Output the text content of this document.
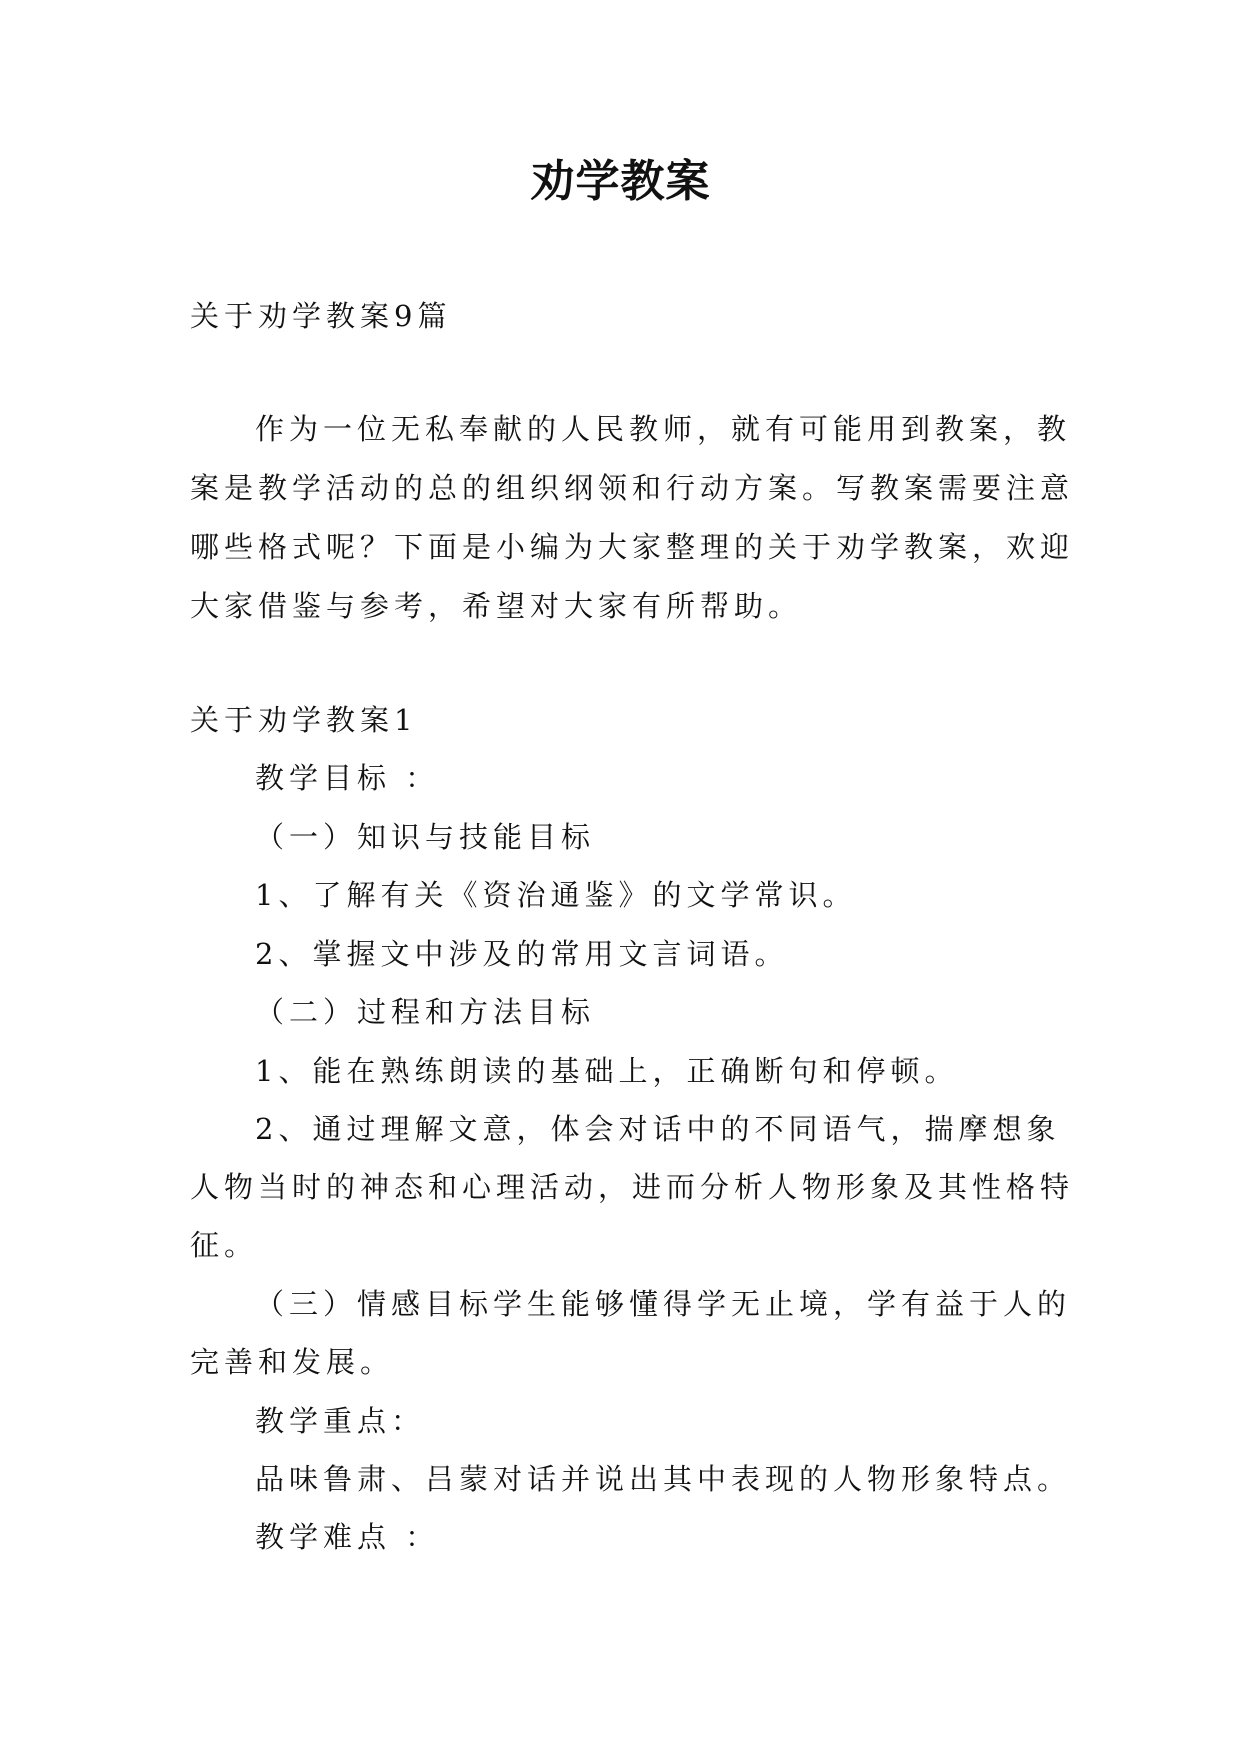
劝学教案
关于劝学教案9篇
作为一位无私奉献的人民教师，就有可能用到教案，教
案是教学活动的总的组织纲领和行动方案。写教案需要注意
哪些格式呢？下面是小编为大家整理的关于劝学教案，欢迎
大家借鉴与参考，希望对大家有所帮助。
关于劝学教案1
教学目标 ：
（一）知识与技能目标
1、了解有关《资治通鉴》的文学常识。
2、掌握文中涉及的常用文言词语。
（二）过程和方法目标
1、能在熟练朗读的基础上，正确断句和停顿。
2、通过理解文意，体会对话中的不同语气，揣摩想象
人物当时的神态和心理活动，进而分析人物形象及其性格特
征。
（三）情感目标学生能够懂得学无止境，学有益于人的
完善和发展。
教学重点：
品味鲁肃、吕蒙对话并说出其中表现的人物形象特点。
教学难点 ：
